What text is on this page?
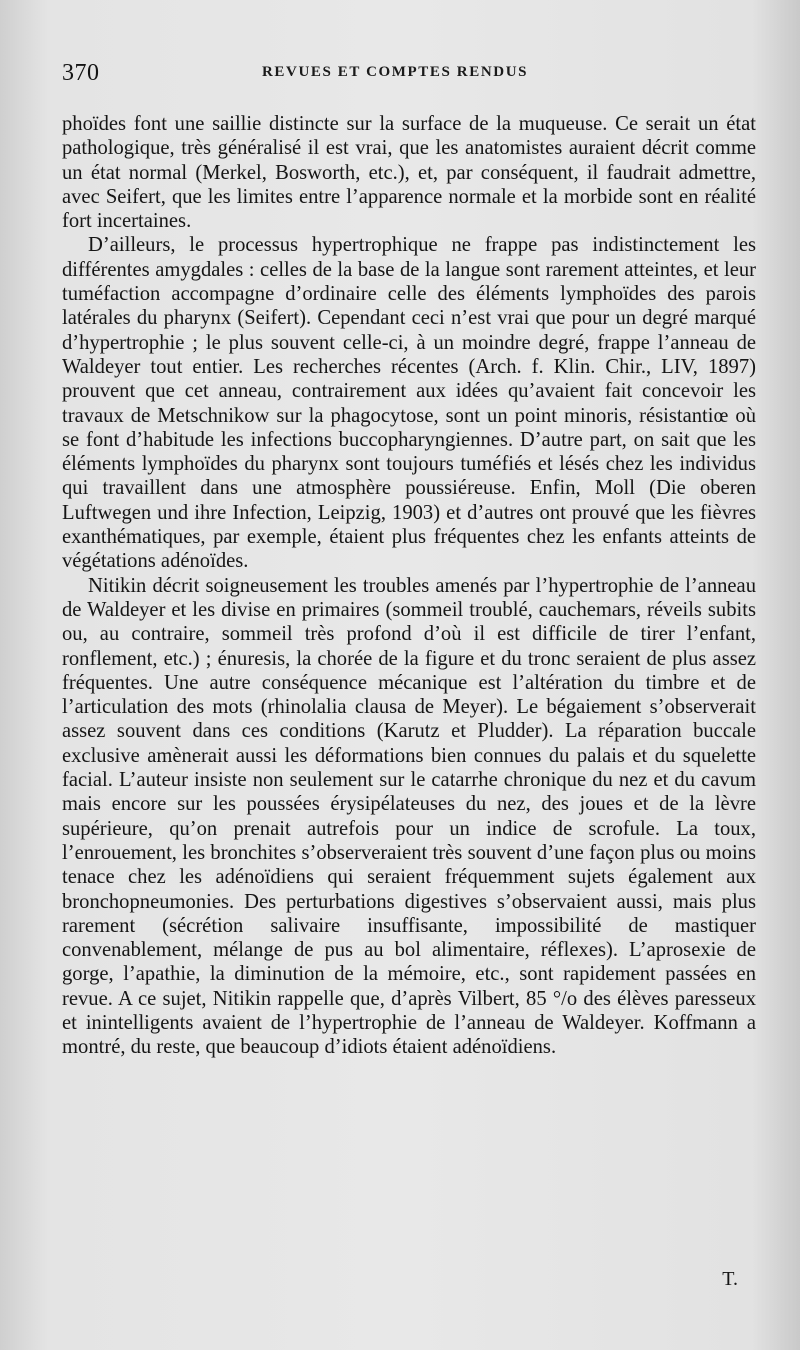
370	REVUES ET COMPTES RENDUS

phoïdes font une saillie distincte sur la surface de la muqueuse. Ce serait un état pathologique, très généralisé il est vrai, que les anatomistes auraient décrit comme un état normal (Merkel, Bosworth, etc.), et, par conséquent, il faudrait admettre, avec Seifert, que les limites entre l’apparence normale et la morbide sont en réalité fort incertaines.

D’ailleurs, le processus hypertrophique ne frappe pas indistinctement les différentes amygdales : celles de la base de la langue sont rarement atteintes, et leur tuméfaction accompagne d’ordinaire celle des éléments lymphoïdes des parois latérales du pharynx (Seifert). Cependant ceci n’est vrai que pour un degré marqué d’hypertrophie ; le plus souvent celle-ci, à un moindre degré, frappe l’anneau de Waldeyer tout entier. Les recherches récentes (Arch. f. Klin. Chir., LIV, 1897) prouvent que cet anneau, contrairement aux idées qu’avaient fait concevoir les travaux de Metschnikow sur la phagocytose, sont un point minoris, résistantiœ où se font d’habitude les infections buccopharyngiennes. D’autre part, on sait que les éléments lymphoïdes du pharynx sont toujours tuméfiés et lésés chez les individus qui travaillent dans une atmosphère poussiéreuse. Enfin, Moll (Die oberen Luftwegen und ihre Infection, Leipzig, 1903) et d’autres ont prouvé que les fièvres exanthématiques, par exemple, étaient plus fréquentes chez les enfants atteints de végétations adénoïdes.

Nitikin décrit soigneusement les troubles amenés par l’hypertrophie de l’anneau de Waldeyer et les divise en primaires (sommeil troublé, cauchemars, réveils subits ou, au contraire, sommeil très profond d’où il est difficile de tirer l’enfant, ronflement, etc.) ; énuresis, la chorée de la figure et du tronc seraient de plus assez fréquentes. Une autre conséquence mécanique est l’altération du timbre et de l’articulation des mots (rhinolalia clausa de Meyer). Le bégaiement s’observerait assez souvent dans ces conditions (Karutz et Pludder). La réparation buccale exclusive amènerait aussi les déformations bien connues du palais et du squelette facial. L’auteur insiste non seulement sur le catarrhe chronique du nez et du cavum mais encore sur les poussées érysipélateuses du nez, des joues et de la lèvre supérieure, qu’on prenait autrefois pour un indice de scrofule. La toux, l’enrouement, les bronchites s’observeraient très souvent d’une façon plus ou moins tenace chez les adénoïdiens qui seraient fréquemment sujets également aux bronchopneumonies. Des perturbations digestives s’observaient aussi, mais plus rarement (sécrétion salivaire insuffisante, impossibilité de mastiquer convenablement, mélange de pus au bol alimentaire, réflexes). L’aprosexie de gorge, l’apathie, la diminution de la mémoire, etc., sont rapidement passées en revue. A ce sujet, Nitikin rappelle que, d’après Vilbert, 85 °/o des élèves paresseux et inintelligents avaient de l’hypertrophie de l’anneau de Waldeyer. Koffmann a montré, du reste, que beaucoup d’idiots étaient adénoïdiens.

T.
